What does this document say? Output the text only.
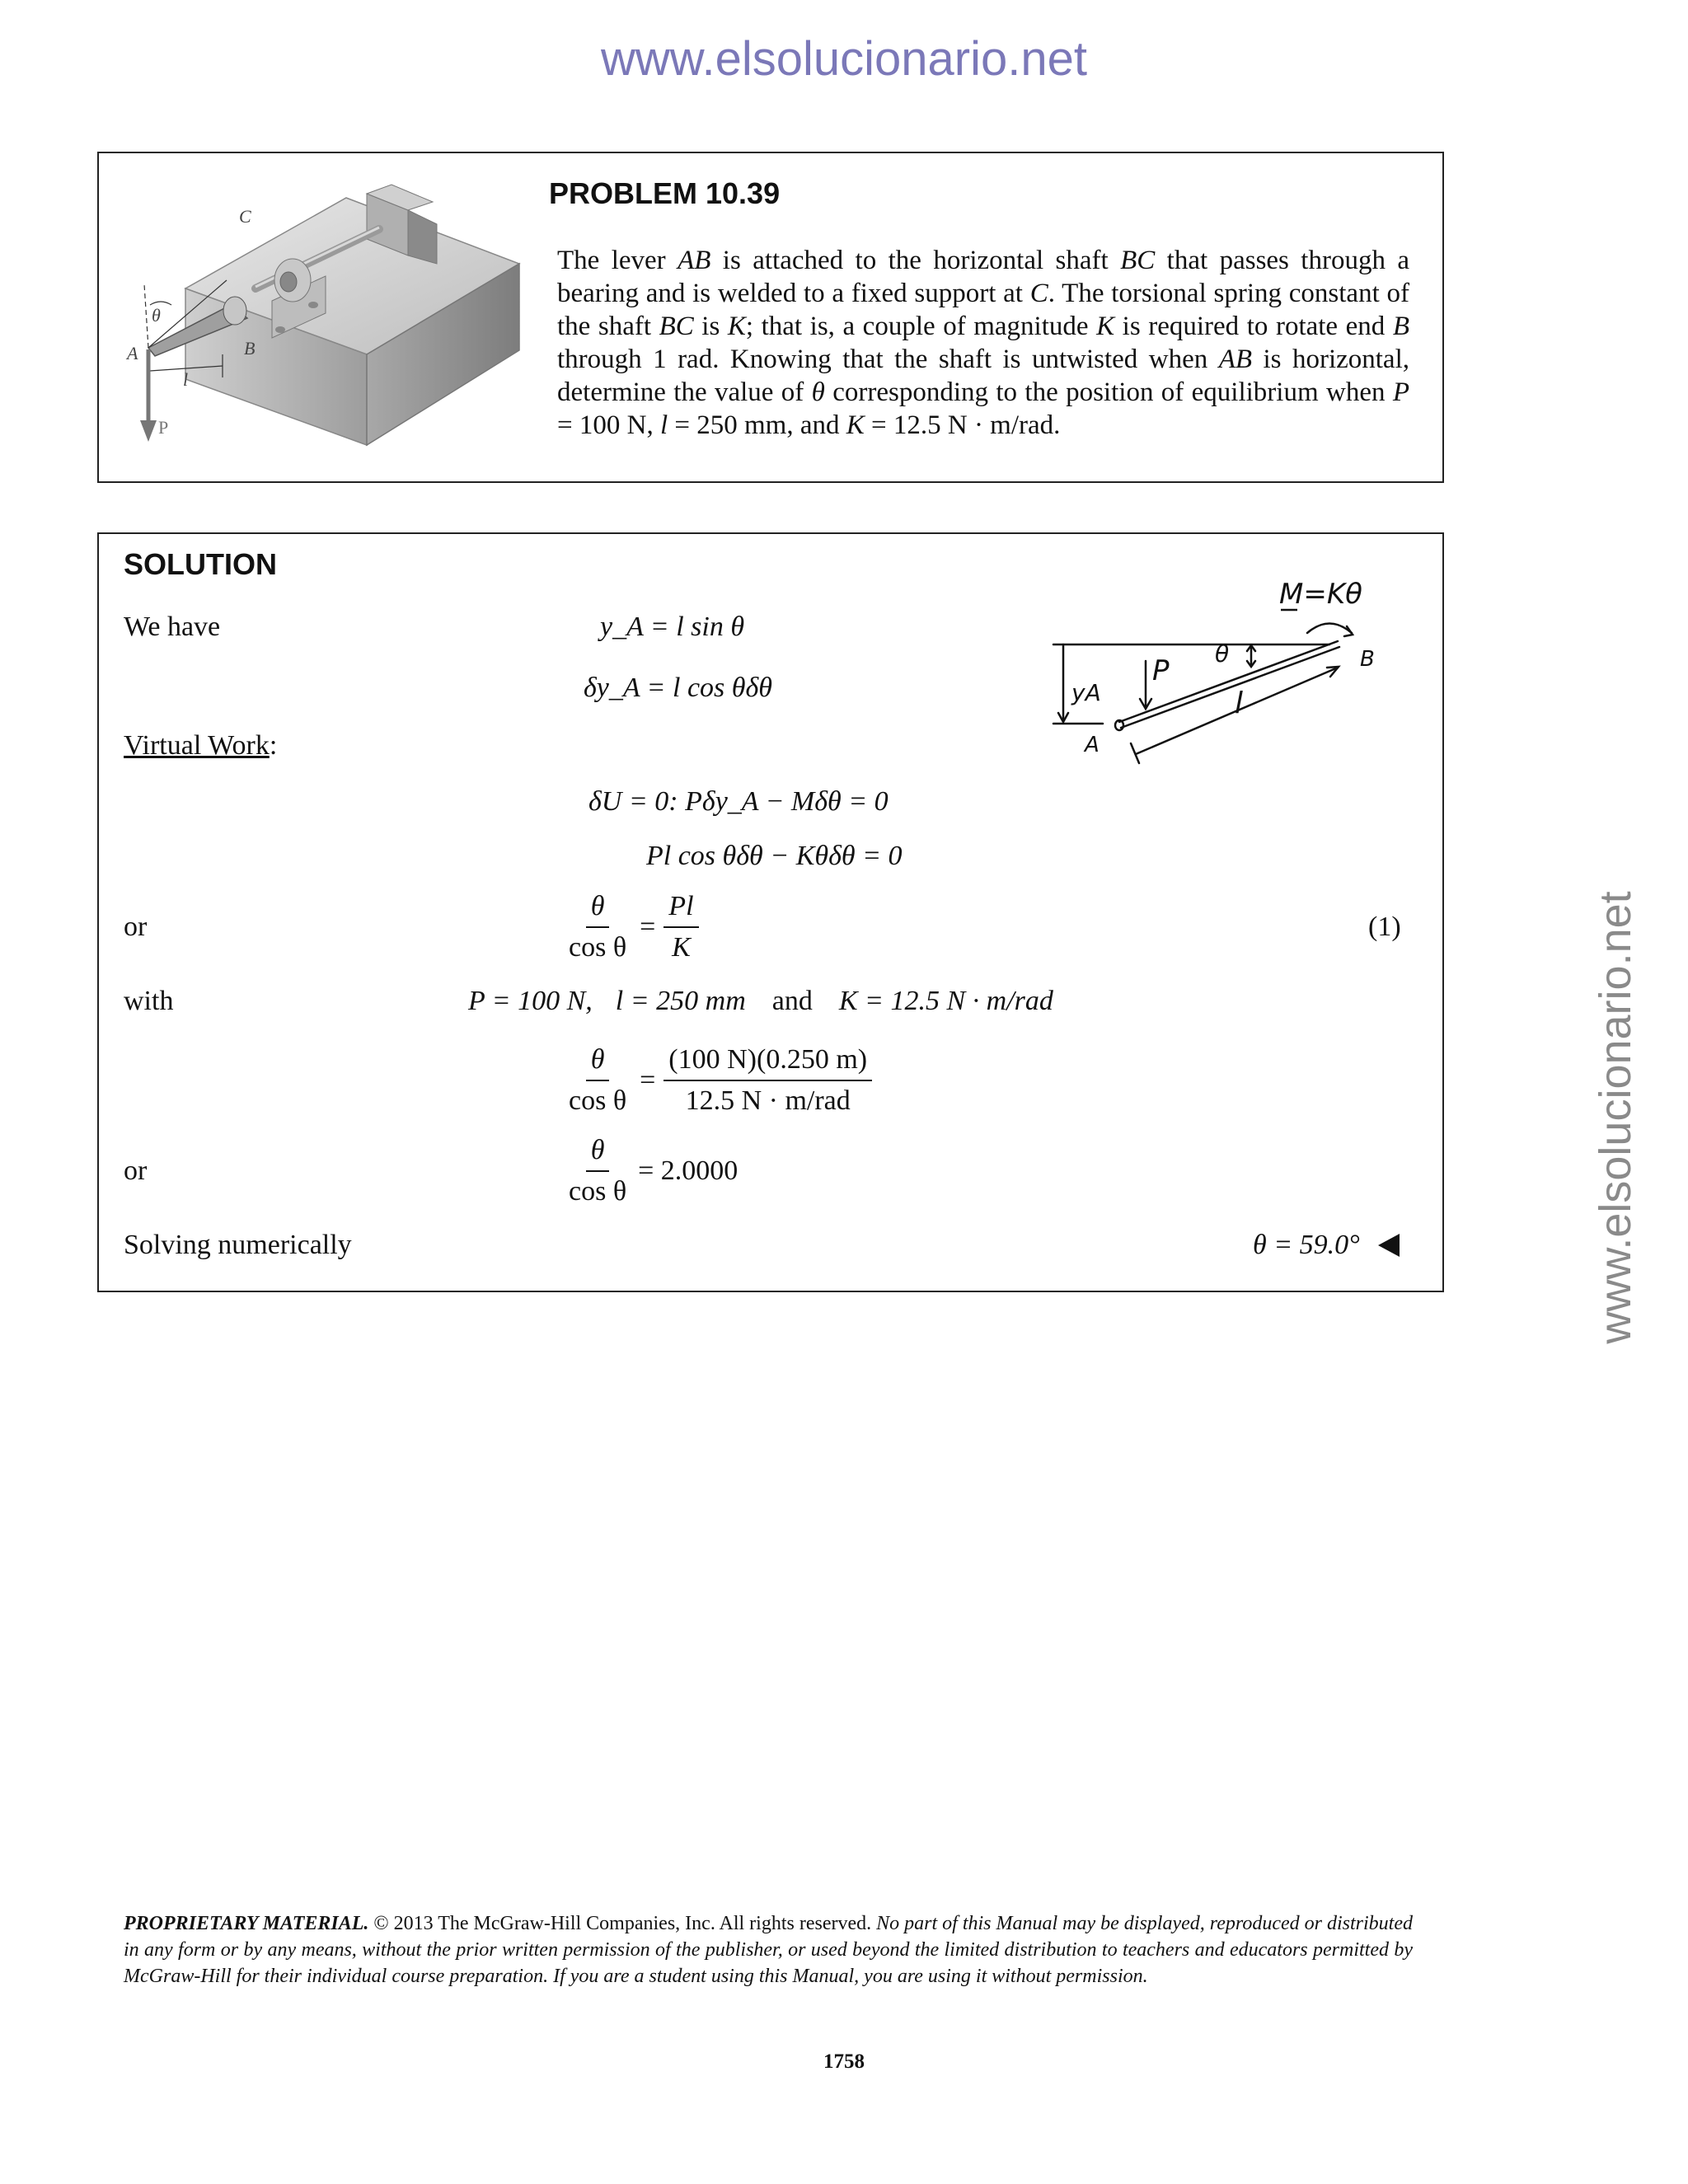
www.elsolucionario.net
www.elsolucionario.net
PROBLEM 10.39
C
θ
A	B
l
P
The lever AB is attached to the horizontal shaft BC that passes through a bearing and is welded to a fixed support at C. The torsional spring constant of the shaft BC is K; that is, a couple of magnitude K is required to rotate end B through 1 rad. Knowing that the shaft is untwisted when AB is horizontal, determine the value of θ corresponding to the position of equilibrium when P = 100 N, l = 250 mm, and K = 12.5 N · m/rad.
SOLUTION
We have	y_A = l sin θ
δy_A = l cos θδθ
Virtual Work:
δU = 0: Pδy_A − Mδθ = 0
Pl cos θδθ − Kθδθ = 0
or	$\frac{\theta}{\text{cos θ}} = \frac{Pl}{K}$	(1)
with	P = 100 N, l = 250 mm and K = 12.5 N · m/rad
$\frac{\theta}{\text{cos θ}} = \frac{(100 N)(0.250 m)}{\text{12.5 N · m/rad}}$
or	$\frac{\theta}{\text{cos θ}} = 2.0000$
Solving numerically	θ = 59.0°
M=Kθ
P
θ
yA
A
B
l
PROPRIETARY MATERIAL. © 2013 The McGraw-Hill Companies, Inc. All rights reserved. No part of this Manual may be displayed, reproduced or distributed in any form or by any means, without the prior written permission of the publisher, or used beyond the limited distribution to teachers and educators permitted by McGraw-Hill for their individual course preparation. If you are a student using this Manual, you are using it without permission.
1758
